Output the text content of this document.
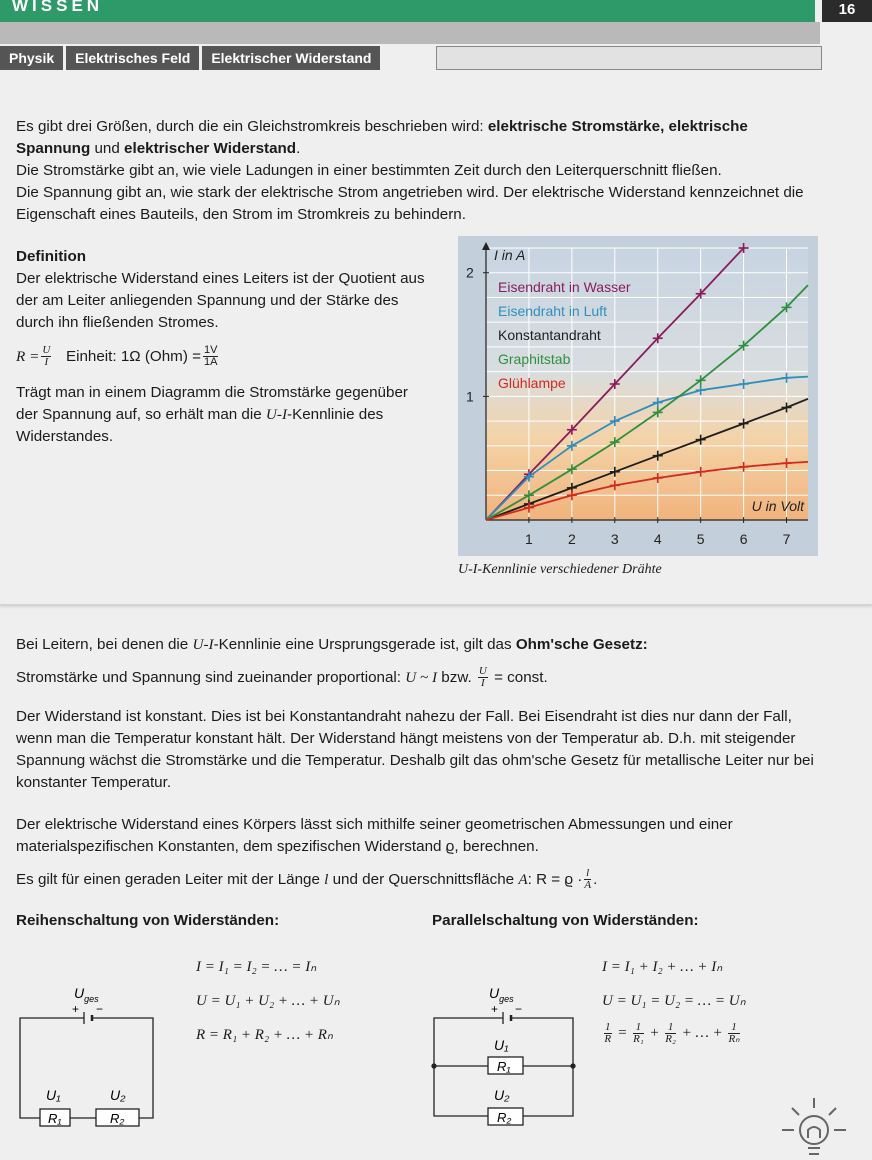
WISSEN	16
Physik	Elektrisches Feld	Elektrischer Widerstand

Es gibt drei Größen, durch die ein Gleichstromkreis beschrieben wird: elektrische Stromstärke, elektrische Spannung und elektrischer Widerstand.

Die Stromstärke gibt an, wie viele Ladungen in einer bestimmten Zeit durch den Leiterquerschnitt fließen.

Die Spannung gibt an, wie stark der elektrische Strom angetrieben wird. Der elektrische Widerstand kennzeichnet die Eigenschaft eines Bauteils, den Strom im Stromkreis zu behindern.

Definition

Der elektrische Widerstand eines Leiters ist der Quotient aus der am Leiter anliegenden Spannung und der Stärke des durch ihn fließenden Stromes.

$R = \frac{U}{I}$ Einheit: 1Ω $(Ohm) = \frac{1V}{1A}$

Trägt man in einem Diagramm die Stromstärke gegenüber der Spannung auf, so erhält man die U-I-Kennlinie des Widerstandes.

1	2	3	4	5	6	7
1
2
I in A
U in Volt
Eisendraht in Wasser
Eisendraht in Luft
Konstantandraht
Graphitstab
Glühlampe
U-I-Kennlinie verschiedener Drähte

Bei Leitern, bei denen die U-I-Kennlinie eine Ursprungsgerade ist, gilt das Ohm'sche Gesetz:

Stromstärke und Spannung sind zueinander proportional: U ~ I bzw. $\frac{U}{I}$ = const.

Der Widerstand ist konstant. Dies ist bei Konstantandraht nahezu der Fall. Bei Eisendraht ist dies nur dann der Fall, wenn man die Temperatur konstant hält. Der Widerstand hängt meistens von der Temperatur ab. D.h. mit steigender Spannung wächst die Stromstärke und die Temperatur. Deshalb gilt das ohm'sche Gesetz für metallische Leiter nur bei konstanter Temperatur.

Der elektrische Widerstand eines Körpers lässt sich mithilfe seiner geometrischen Abmessungen und einer materialspezifischen Konstanten, dem spezifischen Widerstand ϱ, berechnen.

Es gilt für einen geraden Leiter mit der Länge l und der Querschnittsfläche A: $R = ϱ \cdot \frac{l}{A}$ .

Reihenschaltung von Widerständen:
I = I₁ = I₂ = … = Iₙ
U = U₁ + U₂ + … + Uₙ
R = R₁ + R₂ + … + Rₙ
$U_{ges}$
+ −
U₁	U₂
R₁	R₂
Parallelschaltung von Widerständen:
I = I₁ + I₂ + … + Iₙ
U = U₁ = U₂ = … = Uₙ
$\frac{1}{R} = \frac{1}{\text{R₁}} + \frac{1}{\text{R₂}}$ + … + $\frac{1}{\text{Rₙ}}$
$U_{ges}$
+ −
U₁
U₂
R₁
R₂
